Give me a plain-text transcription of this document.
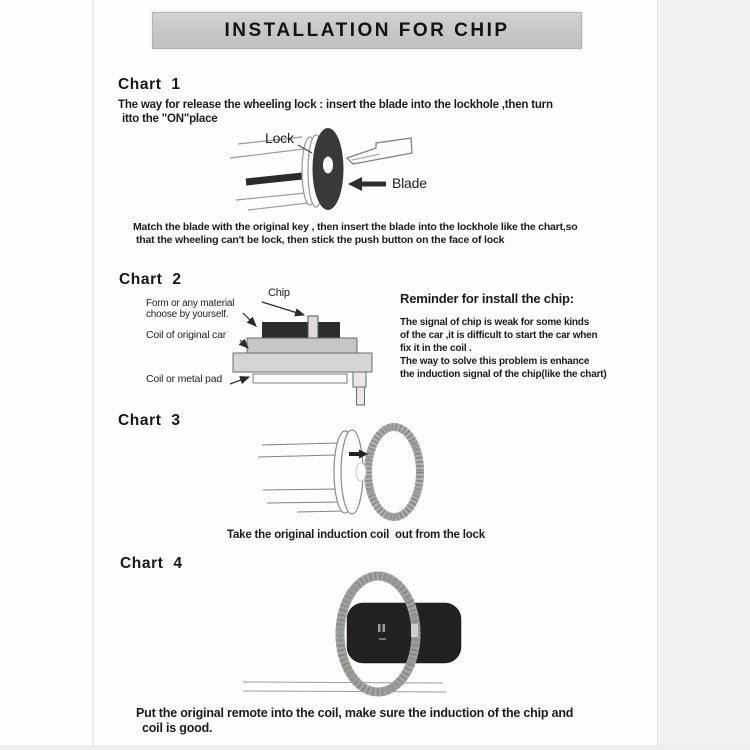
INSTALLATION FOR CHIP
Chart 1
The way for release the wheeling lock : insert the blade into the lockhole ,then turn
itto the "ON"place
Lock
Blade
Match the blade with the original key , then insert the blade into the lockhole like the chart,so
that the wheeling can't be lock, then stick the push button on the face of lock
Chart 2
Chip
Form or any material
choose by yourself.
Coil of original car
Coil or metal pad
Reminder for install the chip:
The signal of chip is weak for some kinds
of the car ,it is difficult to start the car when
fix it in the coil .
The way to solve this problem is enhance
the induction signal of the chip(like the chart)
Chart 3
Take the original induction coil  out from the lock
Chart 4
Put the original remote into the coil, make sure the induction of the chip and
coil is good.
